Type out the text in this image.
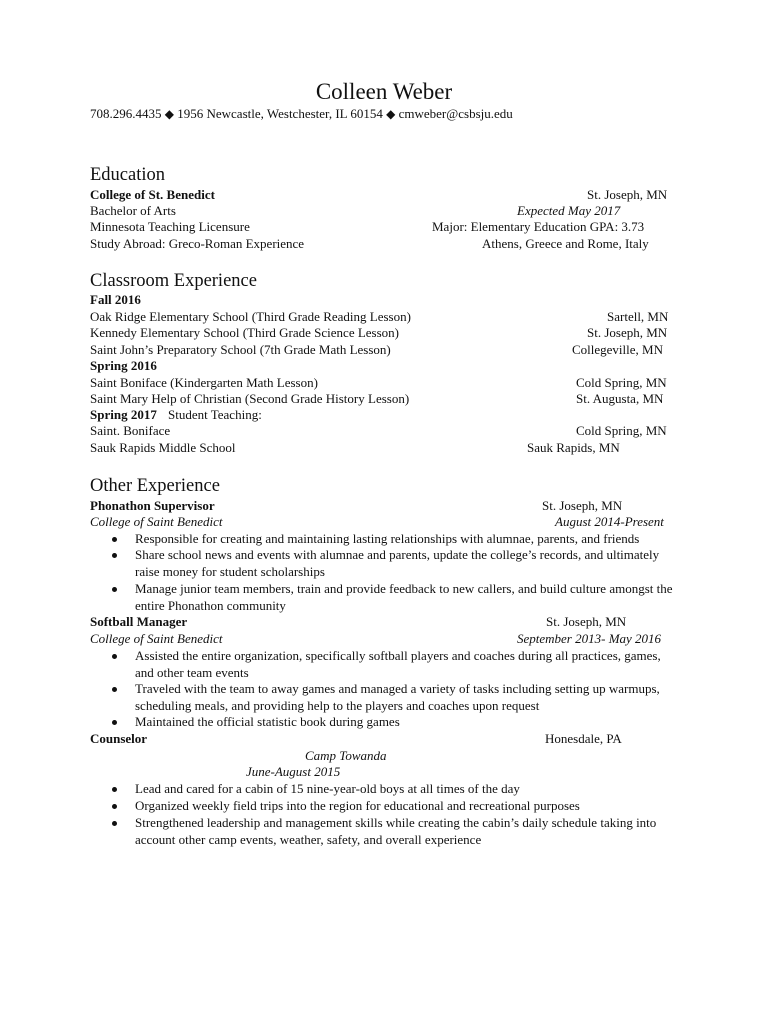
Colleen Weber
708.296.4435 ◆ 1956 Newcastle, Westchester, IL 60154 ◆ cmweber@csbsju.edu
Education
College of St. Benedict	St. Joseph, MN
Bachelor of Arts	Expected May 2017
Minnesota Teaching Licensure	Major: Elementary Education GPA: 3.73
Study Abroad: Greco-Roman Experience	Athens, Greece and Rome, Italy
Classroom Experience
Fall 2016
Oak Ridge Elementary School (Third Grade Reading Lesson)	Sartell, MN
Kennedy Elementary School (Third Grade Science Lesson)	St. Joseph, MN
Saint John’s Preparatory School (7th Grade Math Lesson)	Collegeville, MN
Spring 2016
Saint Boniface (Kindergarten Math Lesson)	Cold Spring, MN
Saint Mary Help of Christian (Second Grade History Lesson)	St. Augusta, MN
Spring 2017 Student Teaching:
Saint. Boniface	Cold Spring, MN
Sauk Rapids Middle School	Sauk Rapids, MN
Other Experience
Phonathon Supervisor	St. Joseph, MN
College of Saint Benedict	August 2014-Present
Responsible for creating and maintaining lasting relationships with alumnae, parents, and friends
Share school news and events with alumnae and parents, update the college’s records, and ultimately raise money for student scholarships
Manage junior team members, train and provide feedback to new callers, and build culture amongst the entire Phonathon community
Softball Manager	St. Joseph, MN
College of Saint Benedict	September 2013- May 2016
Assisted the entire organization, specifically softball players and coaches during all practices, games, and other team events
Traveled with the team to away games and managed a variety of tasks including setting up warmups, scheduling meals, and providing help to the players and coaches upon request
Maintained the official statistic book during games
Counselor	Honesdale, PA
Camp Towanda
June-August 2015
Lead and cared for a cabin of 15 nine-year-old boys at all times of the day
Organized weekly field trips into the region for educational and recreational purposes
Strengthened leadership and management skills while creating the cabin’s daily schedule taking into account other camp events, weather, safety, and overall experience
